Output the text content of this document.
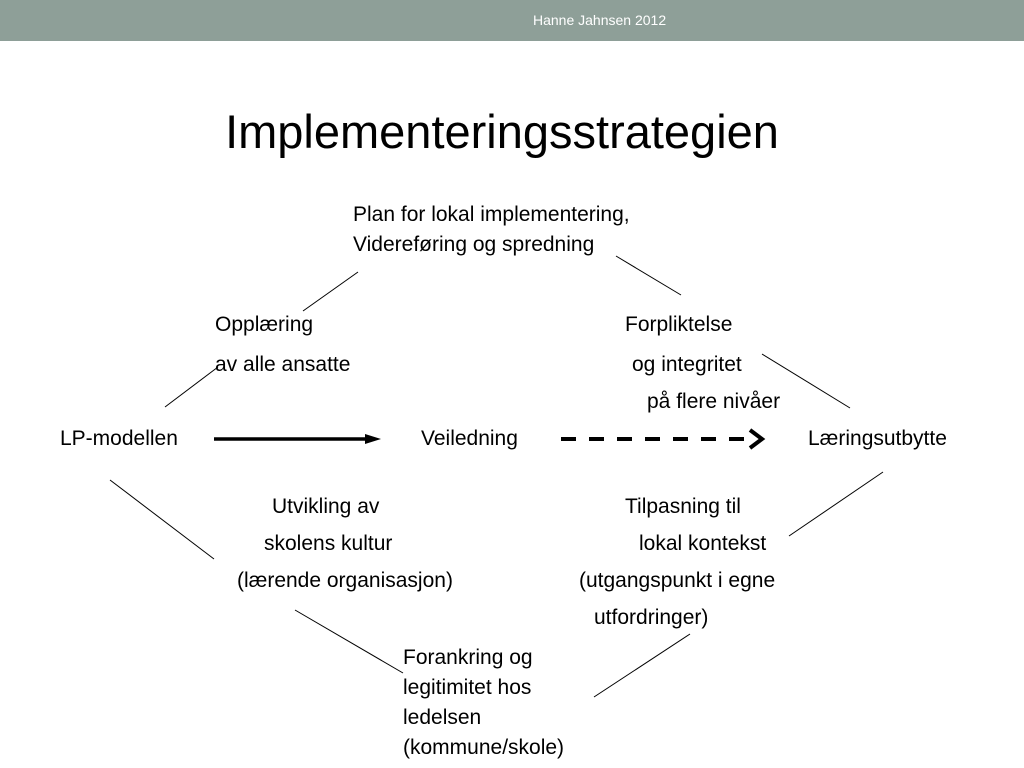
Hanne Jahnsen 2012
Implementeringsstrategien
Plan for lokal implementering,
Videreføring og spredning
Opplæring
av alle ansatte
Forpliktelse
og integritet
på flere nivåer
LP-modellen	Veiledning	Læringsutbytte
Utvikling av
skolens kultur
(lærende organisasjon)
Tilpasning til
lokal kontekst
(utgangspunkt i egne
utfordringer)
Forankring og
legitimitet hos
ledelsen
(kommune/skole)
